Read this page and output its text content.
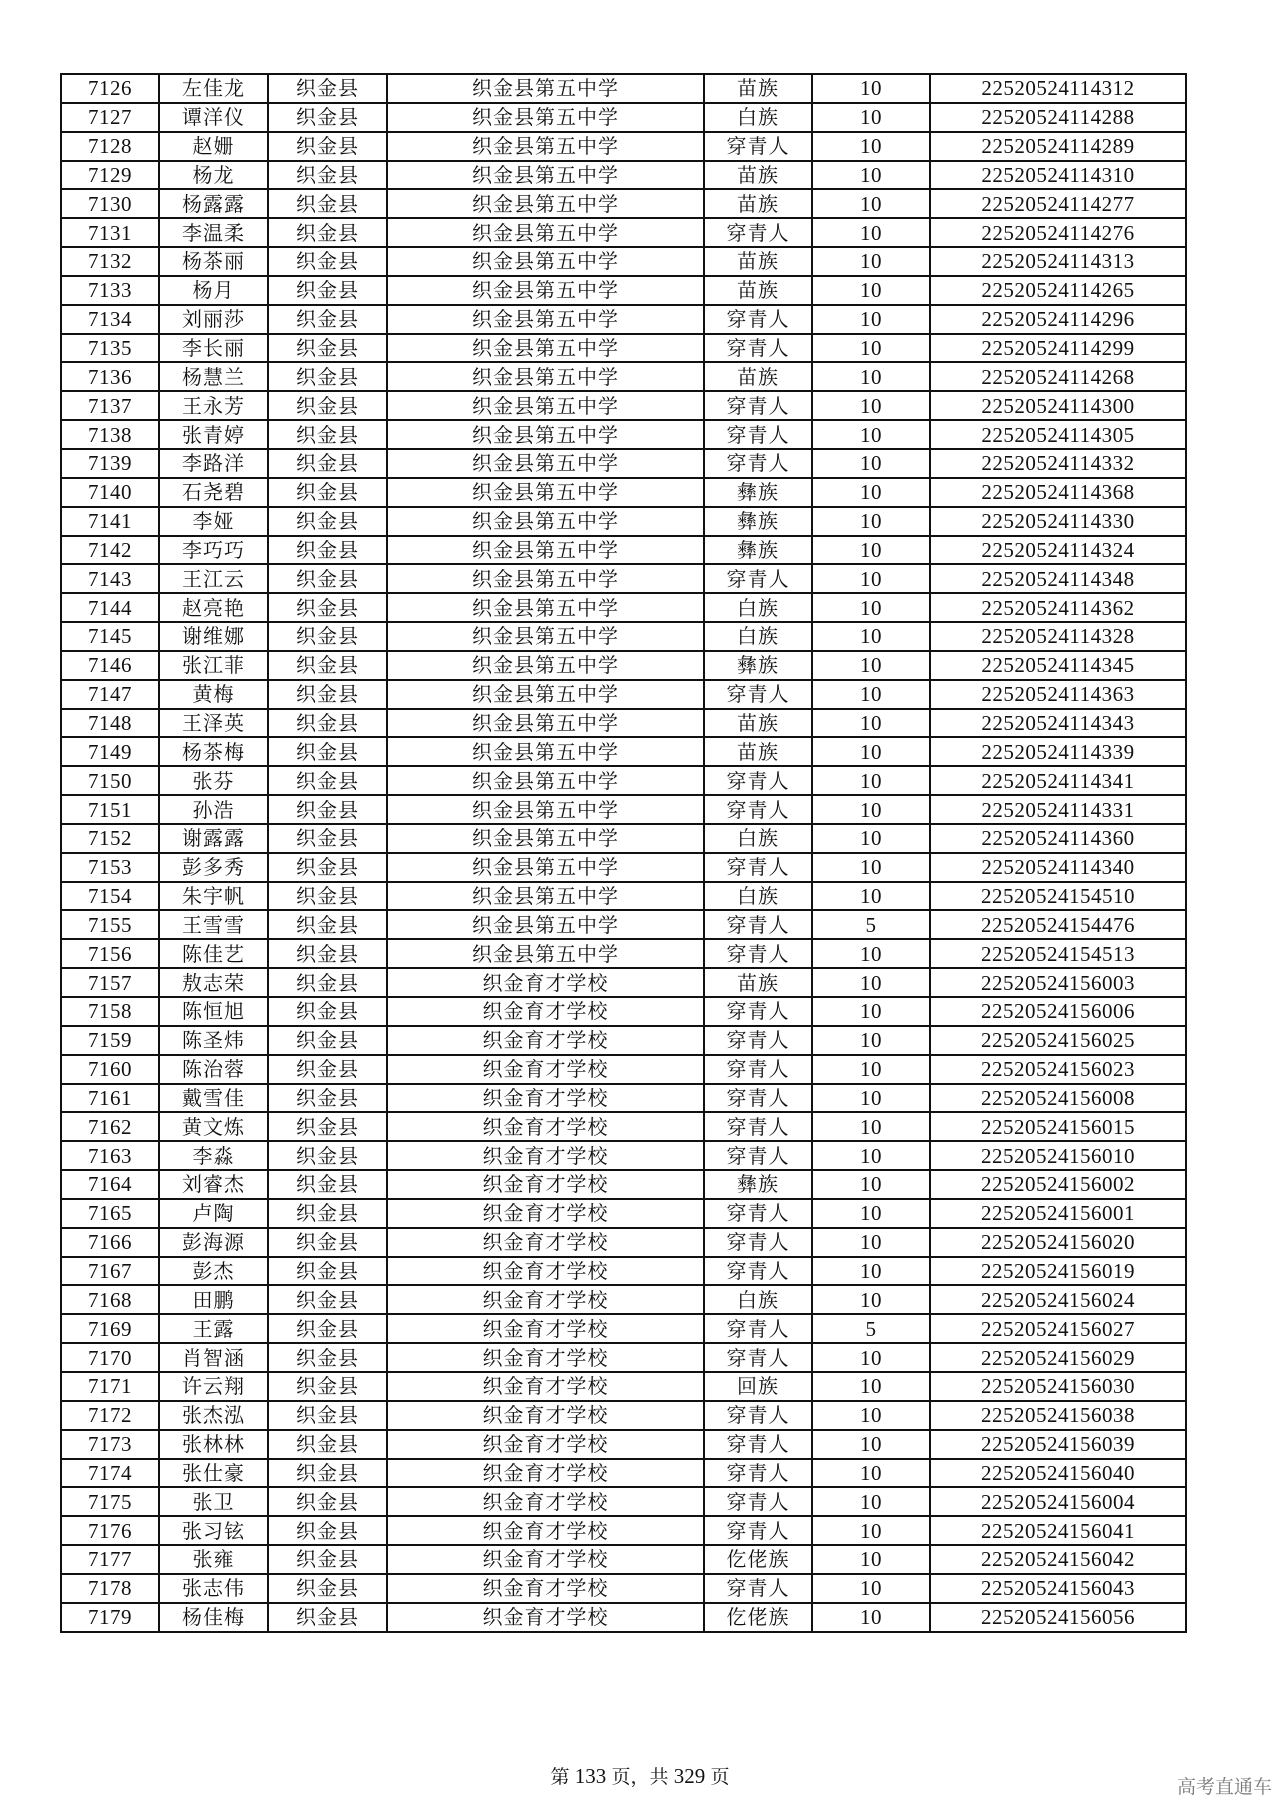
7126	左佳龙	织金县	织金县第五中学	苗族	10	22520524114312
7127	谭洋仪	织金县	织金县第五中学	白族	10	22520524114288
7128	赵姗	织金县	织金县第五中学	穿青人	10	22520524114289
7129	杨龙	织金县	织金县第五中学	苗族	10	22520524114310
7130	杨露露	织金县	织金县第五中学	苗族	10	22520524114277
7131	李温柔	织金县	织金县第五中学	穿青人	10	22520524114276
7132	杨茶丽	织金县	织金县第五中学	苗族	10	22520524114313
7133	杨月	织金县	织金县第五中学	苗族	10	22520524114265
7134	刘丽莎	织金县	织金县第五中学	穿青人	10	22520524114296
7135	李长丽	织金县	织金县第五中学	穿青人	10	22520524114299
7136	杨慧兰	织金县	织金县第五中学	苗族	10	22520524114268
7137	王永芳	织金县	织金县第五中学	穿青人	10	22520524114300
7138	张青婷	织金县	织金县第五中学	穿青人	10	22520524114305
7139	李路洋	织金县	织金县第五中学	穿青人	10	22520524114332
7140	石尧碧	织金县	织金县第五中学	彝族	10	22520524114368
7141	李娅	织金县	织金县第五中学	彝族	10	22520524114330
7142	李巧巧	织金县	织金县第五中学	彝族	10	22520524114324
7143	王江云	织金县	织金县第五中学	穿青人	10	22520524114348
7144	赵亮艳	织金县	织金县第五中学	白族	10	22520524114362
7145	谢维娜	织金县	织金县第五中学	白族	10	22520524114328
7146	张江菲	织金县	织金县第五中学	彝族	10	22520524114345
7147	黄梅	织金县	织金县第五中学	穿青人	10	22520524114363
7148	王泽英	织金县	织金县第五中学	苗族	10	22520524114343
7149	杨茶梅	织金县	织金县第五中学	苗族	10	22520524114339
7150	张芬	织金县	织金县第五中学	穿青人	10	22520524114341
7151	孙浩	织金县	织金县第五中学	穿青人	10	22520524114331
7152	谢露露	织金县	织金县第五中学	白族	10	22520524114360
7153	彭多秀	织金县	织金县第五中学	穿青人	10	22520524114340
7154	朱宇帆	织金县	织金县第五中学	白族	10	22520524154510
7155	王雪雪	织金县	织金县第五中学	穿青人	5	22520524154476
7156	陈佳艺	织金县	织金县第五中学	穿青人	10	22520524154513
7157	敖志荣	织金县	织金育才学校	苗族	10	22520524156003
7158	陈恒旭	织金县	织金育才学校	穿青人	10	22520524156006
7159	陈圣炜	织金县	织金育才学校	穿青人	10	22520524156025
7160	陈治蓉	织金县	织金育才学校	穿青人	10	22520524156023
7161	戴雪佳	织金县	织金育才学校	穿青人	10	22520524156008
7162	黄文炼	织金县	织金育才学校	穿青人	10	22520524156015
7163	李淼	织金县	织金育才学校	穿青人	10	22520524156010
7164	刘睿杰	织金县	织金育才学校	彝族	10	22520524156002
7165	卢陶	织金县	织金育才学校	穿青人	10	22520524156001
7166	彭海源	织金县	织金育才学校	穿青人	10	22520524156020
7167	彭杰	织金县	织金育才学校	穿青人	10	22520524156019
7168	田鹏	织金县	织金育才学校	白族	10	22520524156024
7169	王露	织金县	织金育才学校	穿青人	5	22520524156027
7170	肖智涵	织金县	织金育才学校	穿青人	10	22520524156029
7171	许云翔	织金县	织金育才学校	回族	10	22520524156030
7172	张杰泓	织金县	织金育才学校	穿青人	10	22520524156038
7173	张林林	织金县	织金育才学校	穿青人	10	22520524156039
7174	张仕豪	织金县	织金育才学校	穿青人	10	22520524156040
7175	张卫	织金县	织金育才学校	穿青人	10	22520524156004
7176	张习铉	织金县	织金育才学校	穿青人	10	22520524156041
7177	张雍	织金县	织金育才学校	仡佬族	10	22520524156042
7178	张志伟	织金县	织金育才学校	穿青人	10	22520524156043
7179	杨佳梅	织金县	织金育才学校	仡佬族	10	22520524156056
第 133 页，共 329 页	高考直通车
